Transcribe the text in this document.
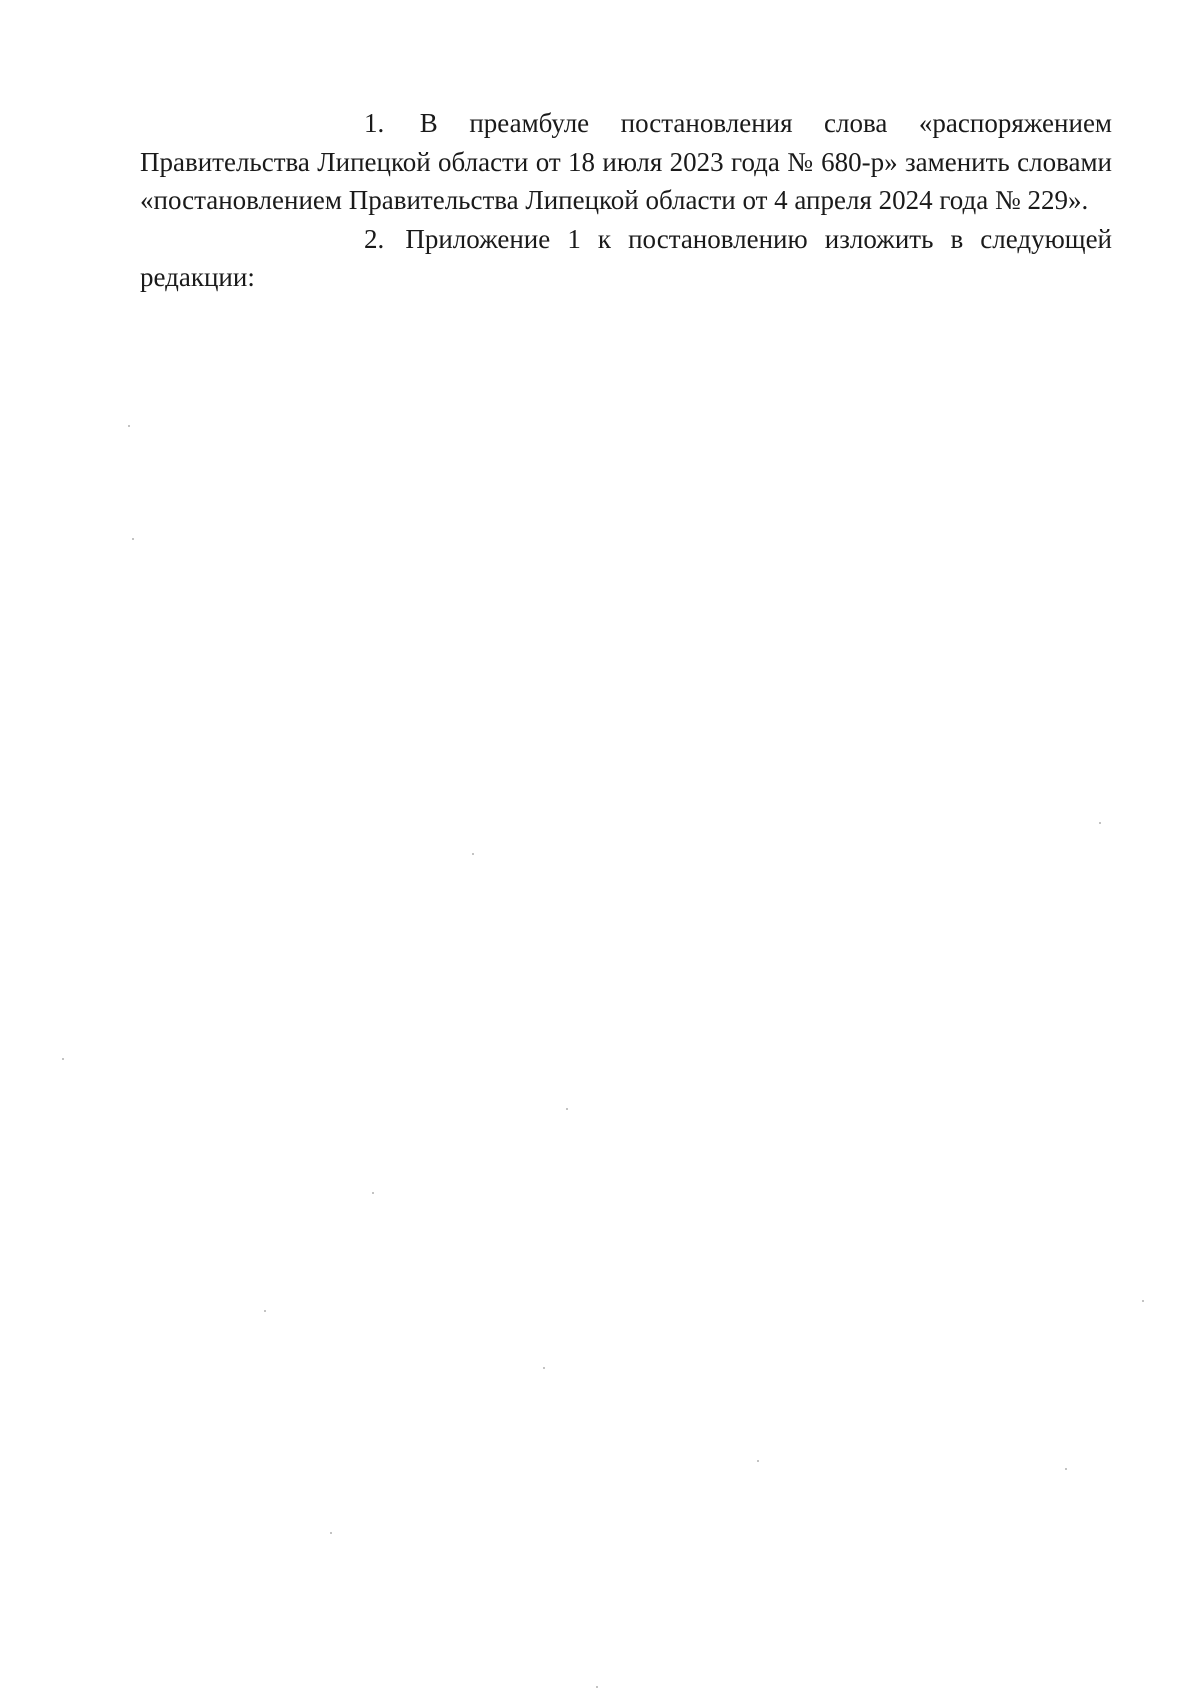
1. В преамбуле постановления слова «распоряжением Правительства Липецкой области от 18 июля 2023 года № 680-р» заменить словами «постановлением Правительства Липецкой области от 4 апреля 2024 года № 229».

2. Приложение 1 к постановлению изложить в следующей редакции:
